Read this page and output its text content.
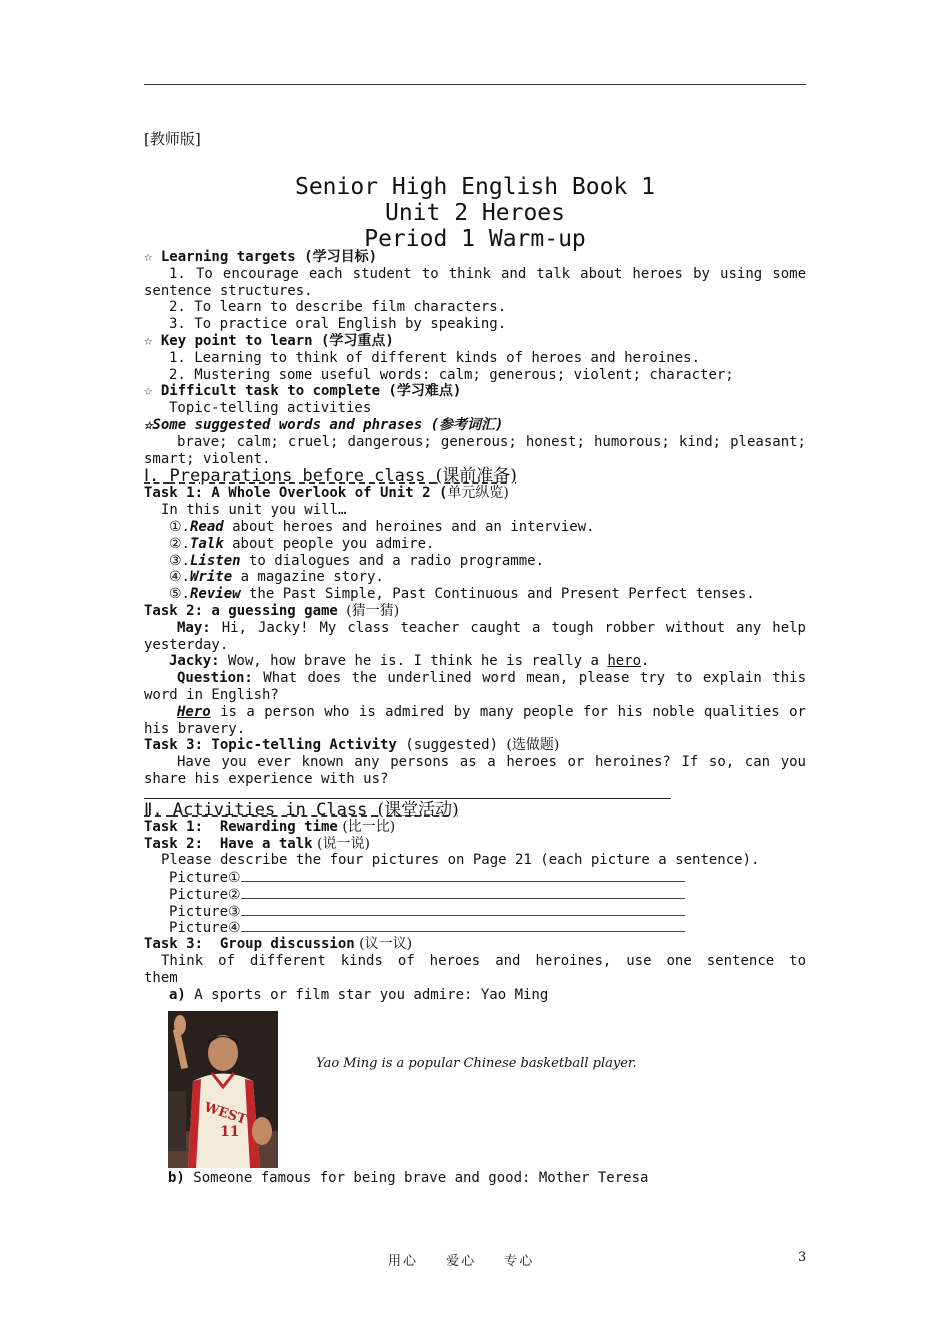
[教师版]
Senior High English Book 1
Unit 2 Heroes
Period 1 Warm-up
☆ Learning targets (学习目标)
1. To encourage each student to think and talk about heroes by using some
sentence structures.
2. To learn to describe film characters.
3. To practice oral English by speaking.
☆ Key point to learn (学习重点)
1. Learning to think of different kinds of heroes and heroines.
2. Mustering some useful words: calm; generous; violent; character;
☆ Difficult task to complete (学习难点)
Topic-telling activities
☆Some suggested words and phrases (参考词汇)
brave; calm; cruel; dangerous; generous; honest; humorous; kind; pleasant;
smart; violent.
Ⅰ. Preparations before class (课前准备)
Task 1: A Whole Overlook of Unit 2 (单元纵览)
In this unit you will…
①.Read about heroes and heroines and an interview.
②.Talk about people you admire.
③.Listen to dialogues and a radio programme.
④.Write a magazine story.
⑤.Review the Past Simple, Past Continuous and Present Perfect tenses.
Task 2: a guessing game (猜一猜)
May: Hi, Jacky! My class teacher caught a tough robber without any help
yesterday.
Jacky: Wow, how brave he is. I think he is really a hero.
Question: What does the underlined word mean, please try to explain this
word in English?
Hero is a person who is admired by many people for his noble qualities or
his bravery.
Task 3: Topic-telling Activity (suggested) (选做题)
Have you ever known any persons as a heroes or heroines? If so, can you
share his experience with us?
Ⅱ. Activities in Class (课堂活动)
Task 1:  Rewarding time (比一比)
Task 2:  Have a talk (说一说)
Please describe the four pictures on Page 21 (each picture a sentence).
Picture①
Picture②
Picture③
Picture④
Task 3:  Group discussion (议一议)
Think of different kinds of heroes and heroines, use one sentence to
them
a) A sports or film star you admire: Yao Ming
WEST
11
Yao Ming is a popular Chinese basketball player.
b) Someone famous for being brave and good: Mother Teresa
用心 爱心 专心	3
